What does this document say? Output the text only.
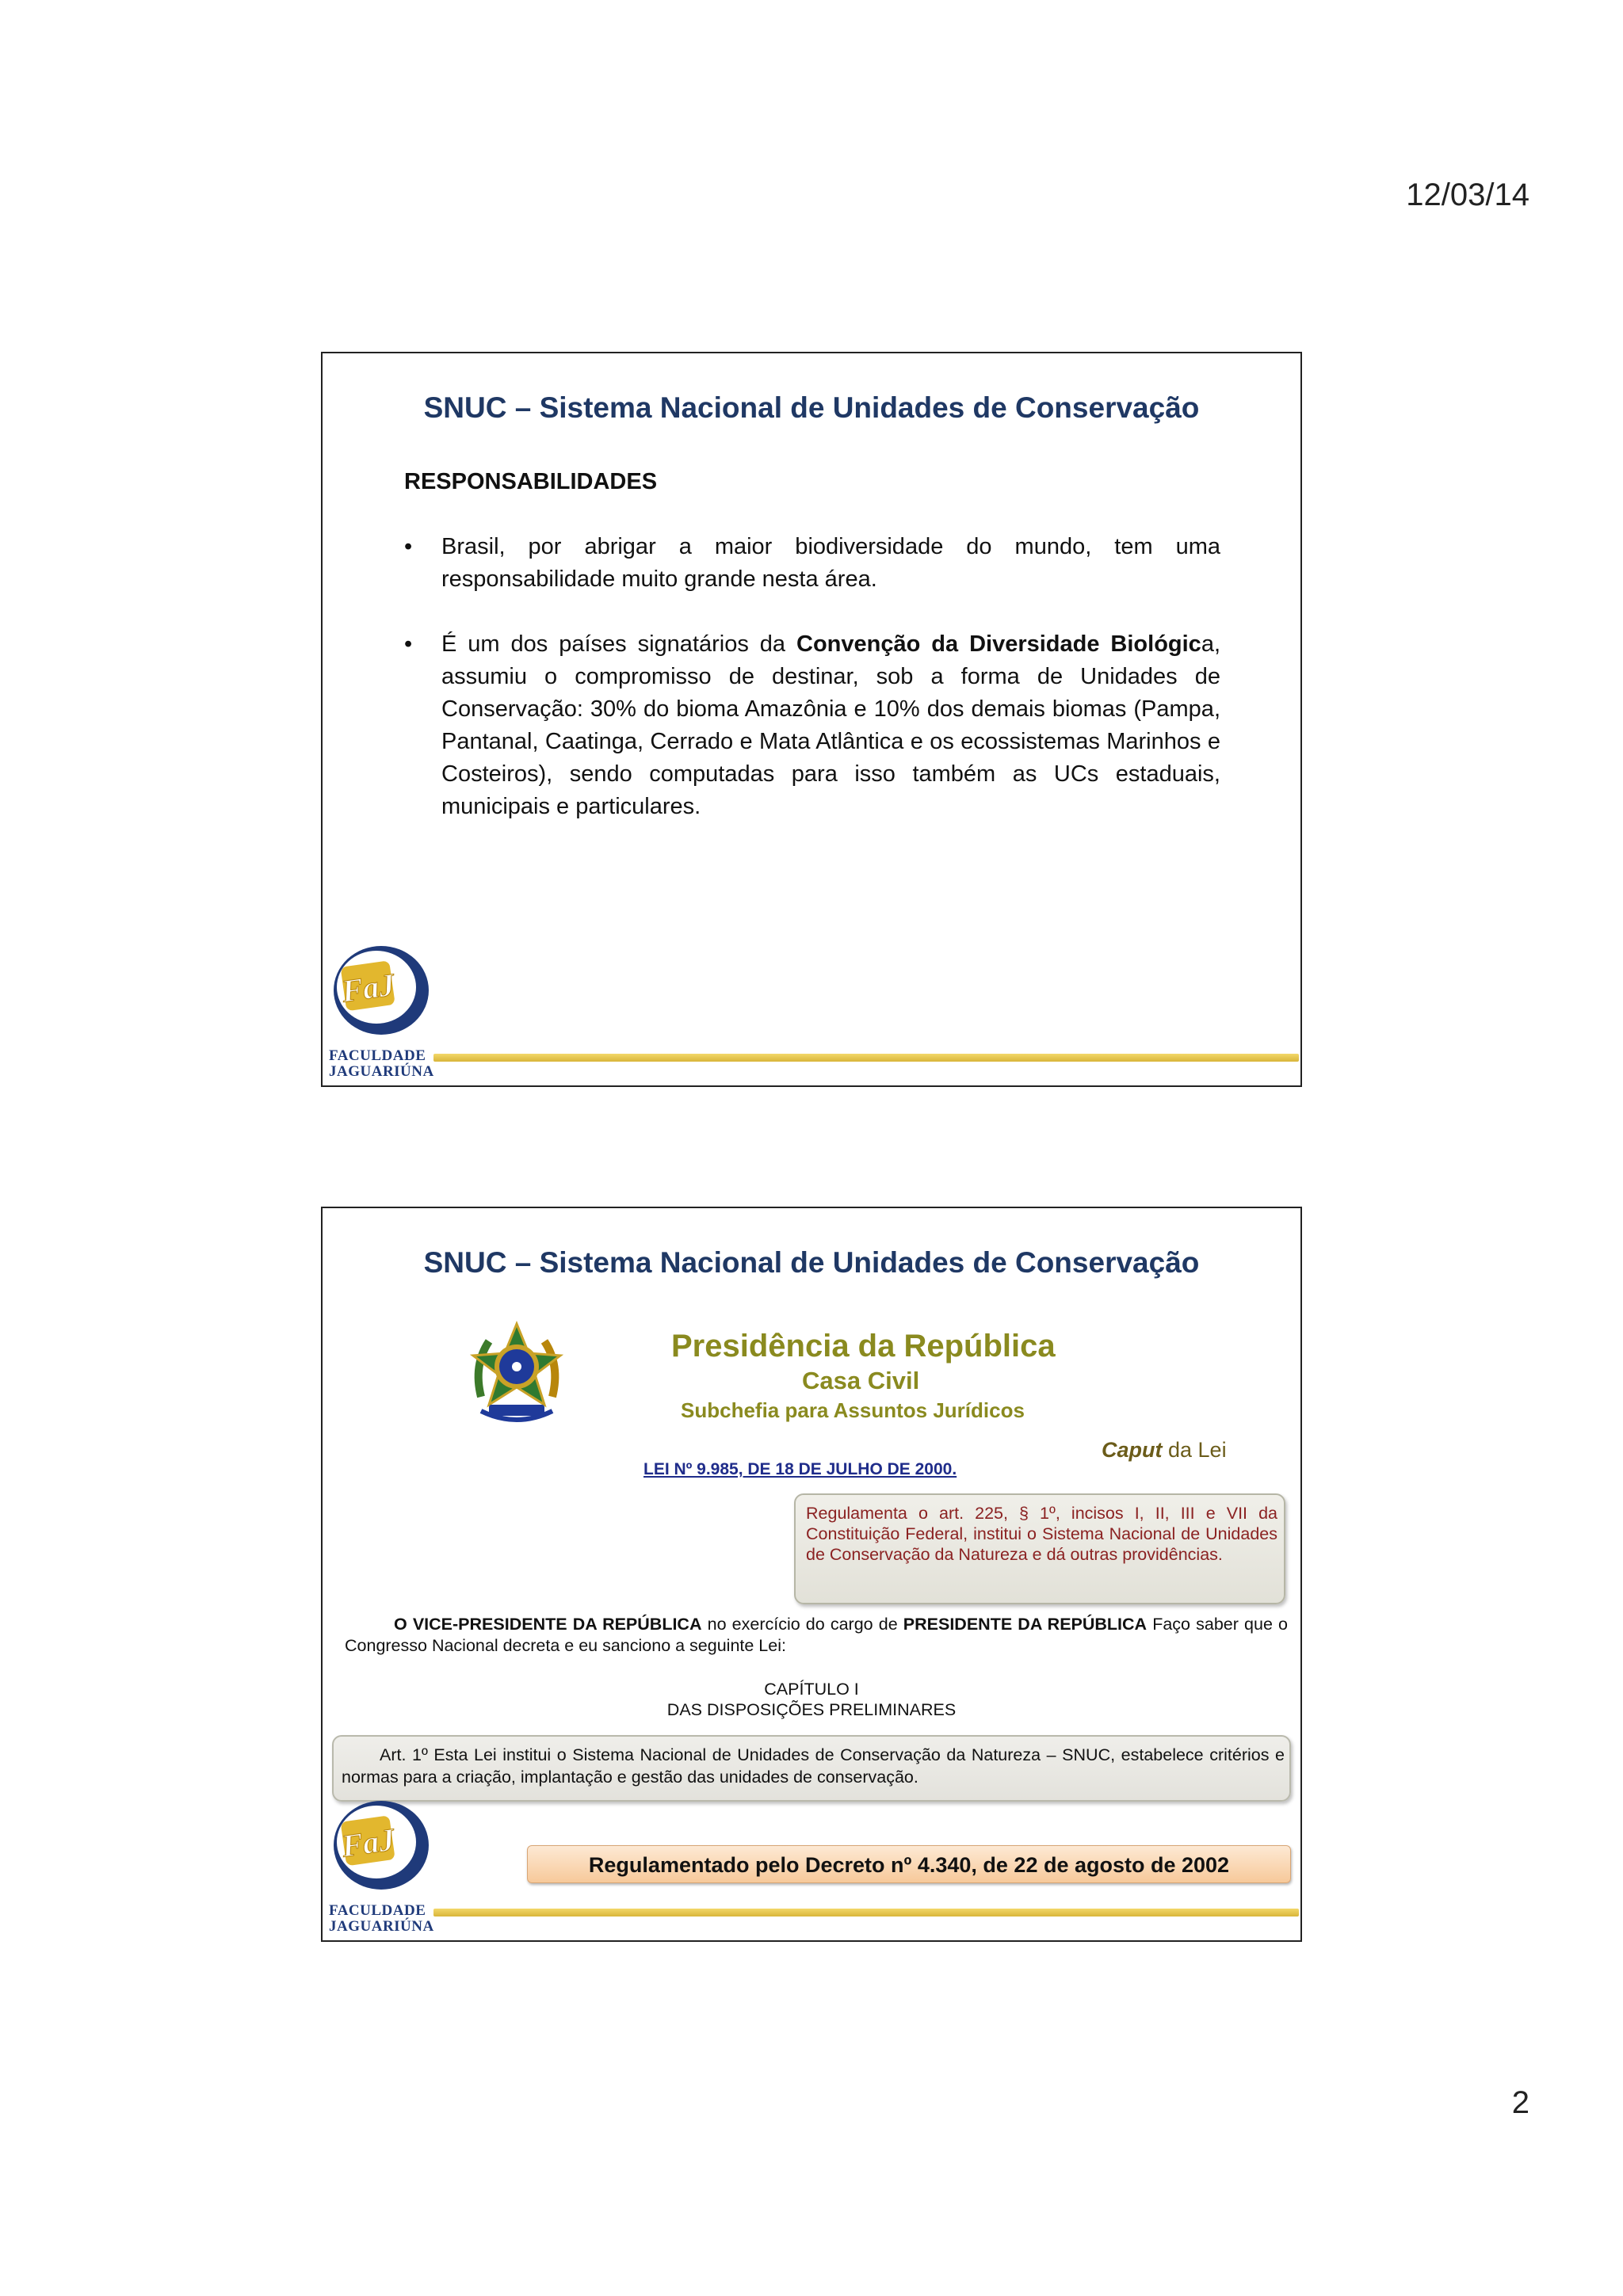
12/03/14
SNUC – Sistema Nacional de Unidades de Conservação
RESPONSABILIDADES
• Brasil, por abrigar a maior biodiversidade do mundo, tem uma responsabilidade muito grande nesta área.
• É um dos países signatários da Convenção da Diversidade Biológica, assumiu o compromisso de destinar, sob a forma de Unidades de Conservação: 30% do bioma Amazônia e 10% dos demais biomas (Pampa, Pantanal, Caatinga, Cerrado e Mata Atlântica e os ecossistemas Marinhos e Costeiros), sendo computadas para isso também as UCs estaduais, municipais e particulares.
FaJ
FACULDADE
JAGUARIÚNA
SNUC – Sistema Nacional de Unidades de Conservação
Presidência da República
Casa Civil
Subchefia para Assuntos Jurídicos
Caput da Lei
LEI Nº 9.985, DE 18 DE JULHO DE 2000.
Regulamenta o art. 225, § 1º, incisos I, II, III e VII da Constituição Federal, institui o Sistema Nacional de Unidades de Conservação da Natureza e dá outras providências.
O VICE-PRESIDENTE DA REPÚBLICA no exercício do cargo de PRESIDENTE DA REPÚBLICA Faço saber que o Congresso Nacional decreta e eu sanciono a seguinte Lei:
CAPÍTULO I
DAS DISPOSIÇÕES PRELIMINARES
Art. 1º Esta Lei institui o Sistema Nacional de Unidades de Conservação da Natureza – SNUC, estabelece critérios e normas para a criação, implantação e gestão das unidades de conservação.
Regulamentado pelo Decreto nº 4.340, de 22 de agosto de 2002
FaJ
FACULDADE
JAGUARIÚNA
2
